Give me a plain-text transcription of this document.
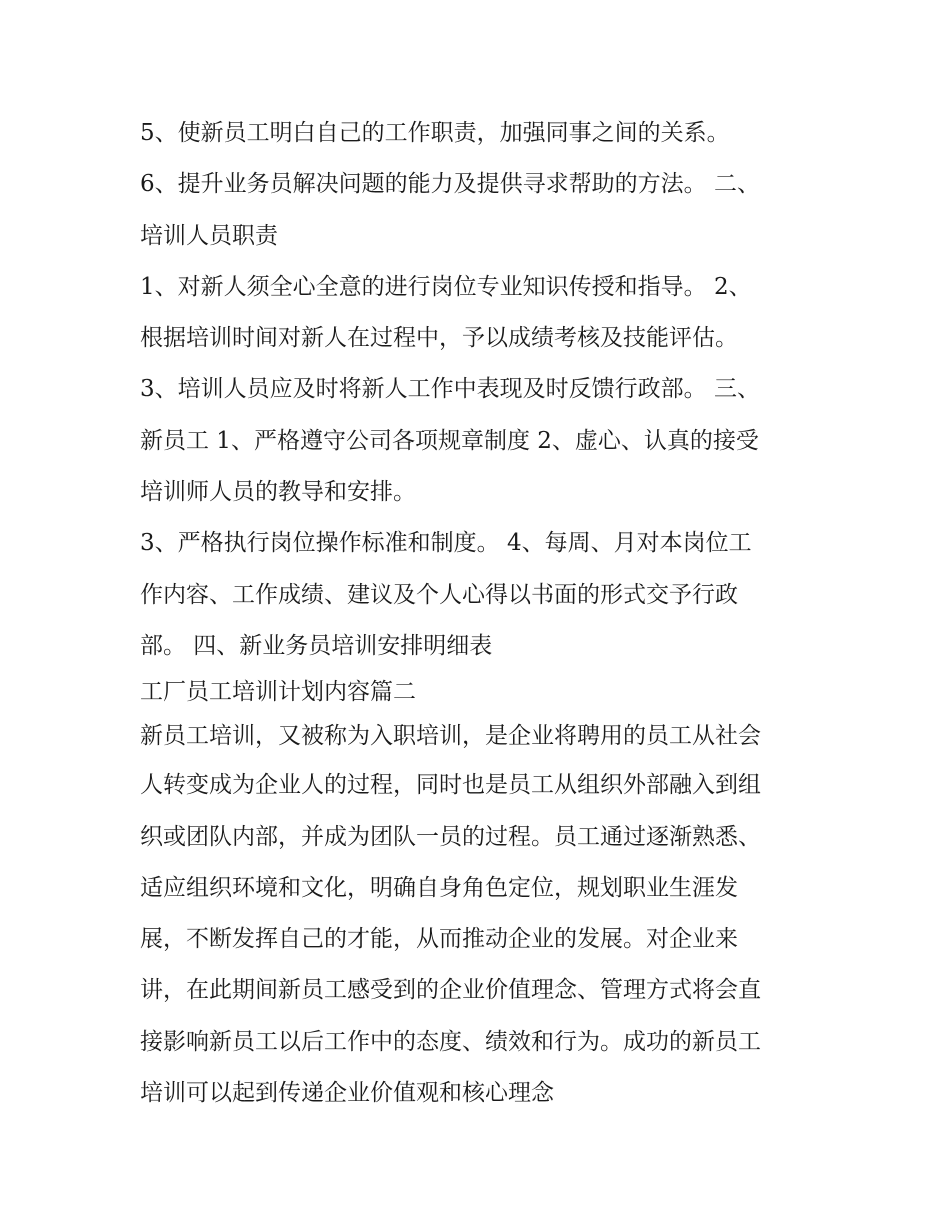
5、使新员工明白自己的工作职责，加强同事之间的关系。

6、提升业务员解决问题的能力及提供寻求帮助的方法。 二、

培训人员职责

1、对新人须全心全意的进行岗位专业知识传授和指导。 2、

根据培训时间对新人在过程中，予以成绩考核及技能评估。

3、培训人员应及时将新人工作中表现及时反馈行政部。 三、

新员工 1、严格遵守公司各项规章制度 2、虚心、认真的接受

培训师人员的教导和安排。

3、严格执行岗位操作标准和制度。 4、每周、月对本岗位工

作内容、工作成绩、建议及个人心得以书面的形式交予行政

部。 四、新业务员培训安排明细表

工厂员工培训计划内容篇二

新员工培训，又被称为入职培训，是企业将聘用的员工从社会

人转变成为企业人的过程，同时也是员工从组织外部融入到组

织或团队内部，并成为团队一员的过程。员工通过逐渐熟悉、

适应组织环境和文化，明确自身角色定位，规划职业生涯发

展，不断发挥自己的才能，从而推动企业的发展。对企业来

讲，在此期间新员工感受到的企业价值理念、管理方式将会直

接影响新员工以后工作中的态度、绩效和行为。成功的新员工

培训可以起到传递企业价值观和核心理念
